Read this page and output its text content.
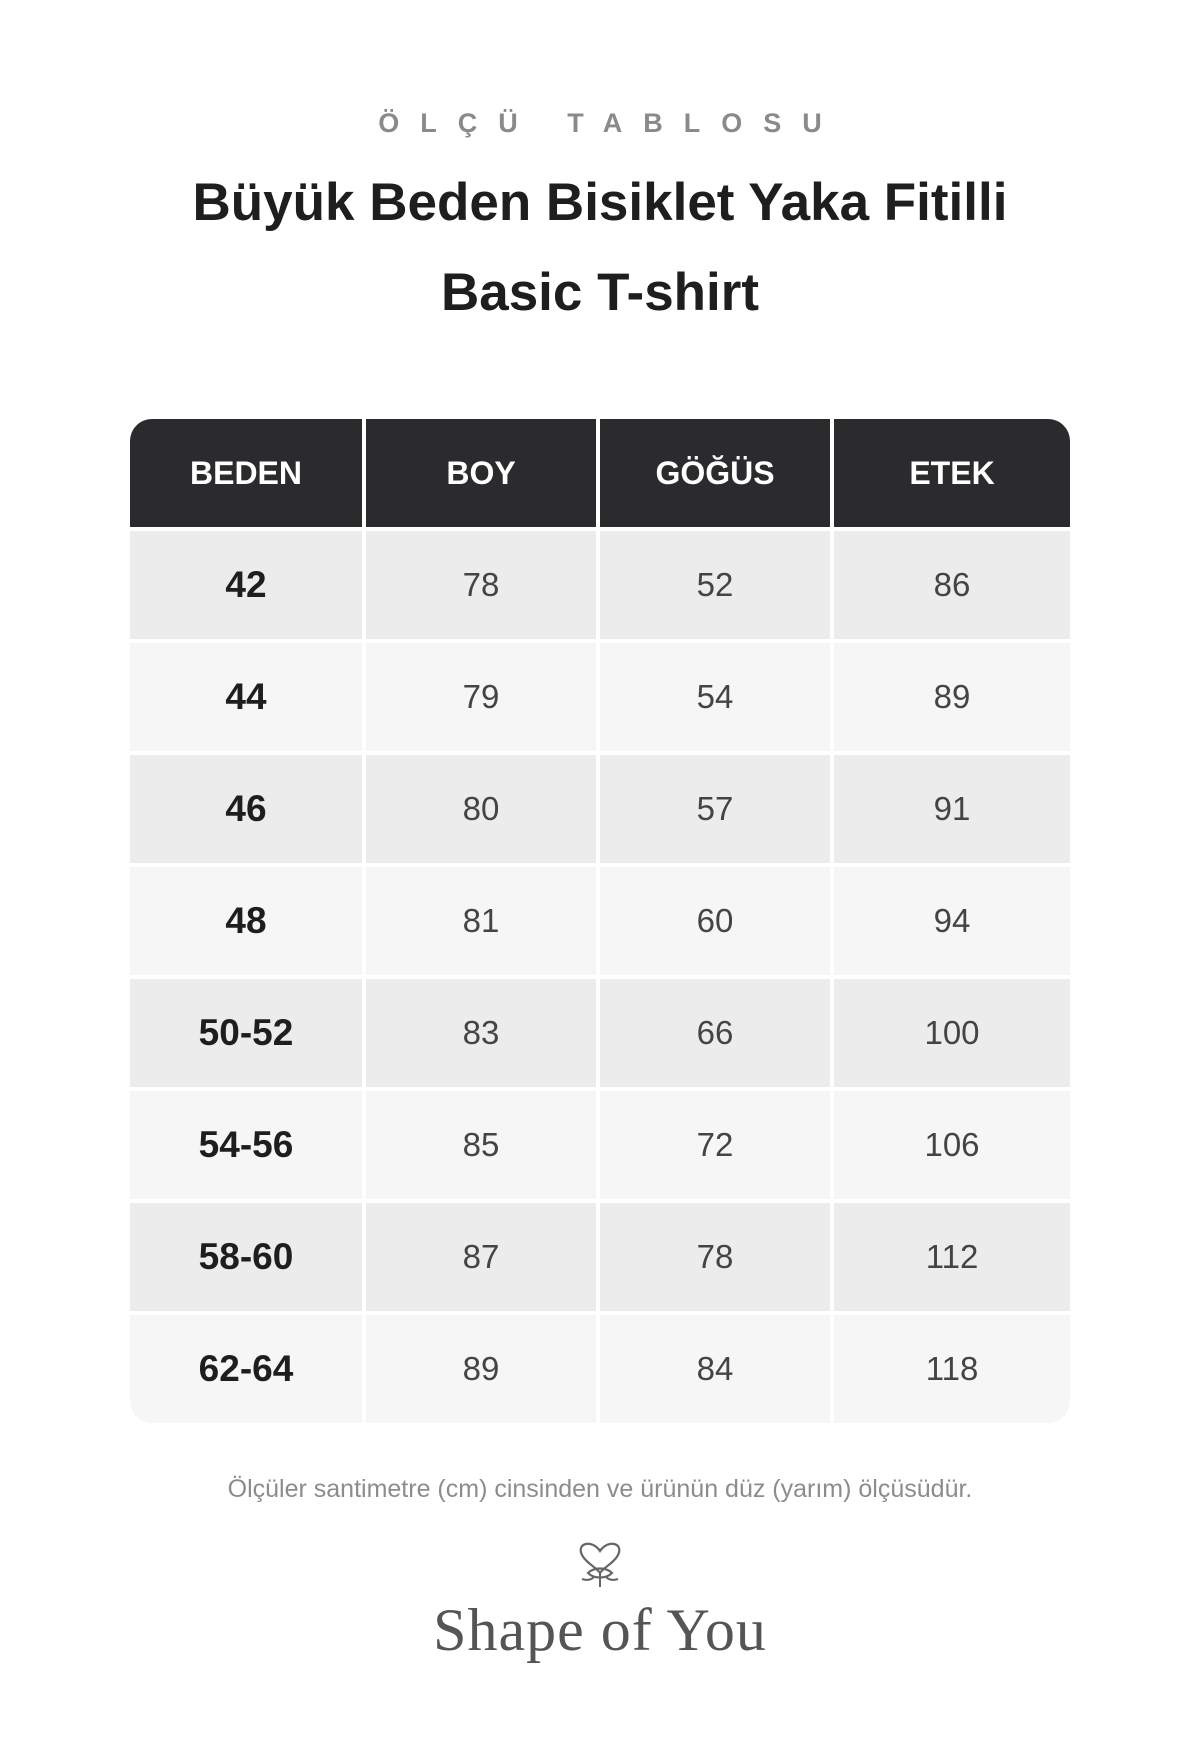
ÖLÇÜ TABLOSU
Büyük Beden Bisiklet Yaka Fitilli Basic T-shirt
BEDEN	BOY	GÖĞÜS	ETEK
42	78	52	86
44	79	54	89
46	80	57	91
48	81	60	94
50-52	83	66	100
54-56	85	72	106
58-60	87	78	112
62-64	89	84	118
Ölçüler santimetre (cm) cinsinden ve ürünün düz (yarım) ölçüsüdür.
Shape of You
